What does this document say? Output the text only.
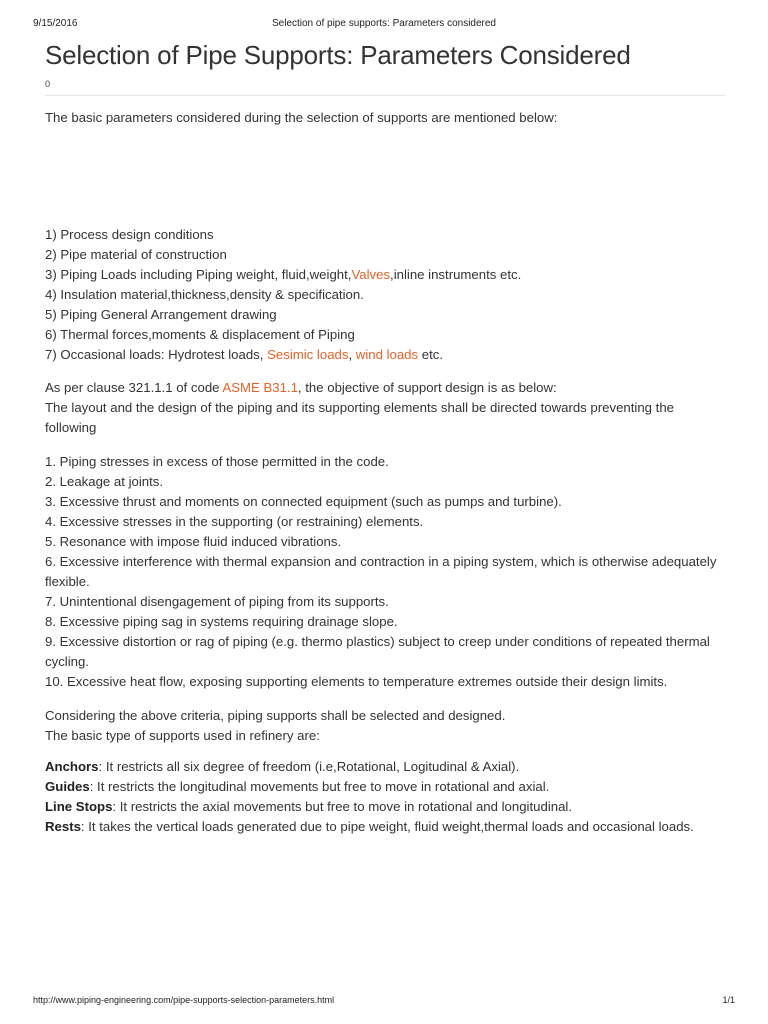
9/15/2016	Selection of pipe supports: Parameters considered
Selection of Pipe Supports: Parameters Considered
0

The basic parameters considered during the selection of supports are mentioned below:

1) Process design conditions
2) Pipe material of construction
3) Piping Loads including Piping weight, fluid,weight,Valves,inline instruments etc.
4) Insulation material,thickness,density & specification.
5) Piping General Arrangement drawing
6) Thermal forces,moments & displacement of Piping
7) Occasional loads: Hydrotest loads, Sesimic loads, wind loads etc.
As per clause 321.1.1 of code ASME B31.1, the objective of support design is as below:
The layout and the design of the piping and its supporting elements shall be directed towards preventing the following
1. Piping stresses in excess of those permitted in the code.
2. Leakage at joints.
3. Excessive thrust and moments on connected equipment (such as pumps and turbine).
4. Excessive stresses in the supporting (or restraining) elements.
5. Resonance with impose fluid induced vibrations.
6. Excessive interference with thermal expansion and contraction in a piping system, which is otherwise adequately flexible.
7. Unintentional disengagement of piping from its supports.
8. Excessive piping sag in systems requiring drainage slope.
9. Excessive distortion or rag of piping (e.g. thermo plastics) subject to creep under conditions of repeated thermal cycling.
10. Excessive heat flow, exposing supporting elements to temperature extremes outside their design limits.
Considering the above criteria, piping supports shall be selected and designed.
The basic type of supports used in refinery are:
Anchors: It restricts all six degree of freedom (i.e,Rotational, Logitudinal & Axial).
Guides: It restricts the longitudinal movements but free to move in rotational and axial.
Line Stops: It restricts the axial movements but free to move in rotational and longitudinal.
Rests: It takes the vertical loads generated due to pipe weight, fluid weight,thermal loads and occasional loads.
http://www.piping-engineering.com/pipe-supports-selection-parameters.html	1/1
